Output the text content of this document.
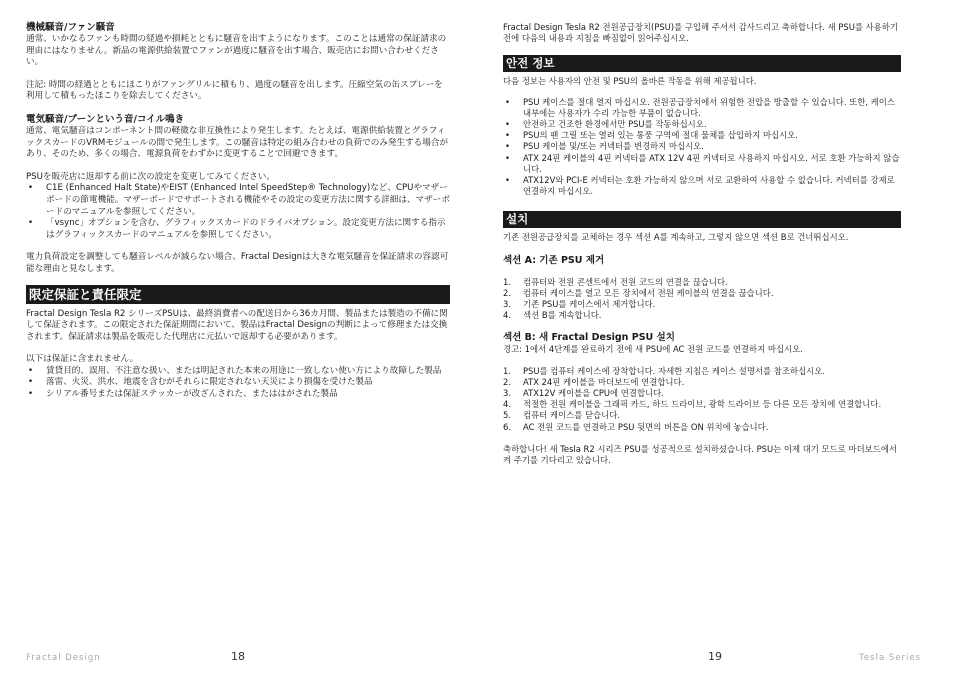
機械騒音/ファン騒音

通常、いかなるファンも時間の経過や損耗とともに騒音を出すようになります。このことは通常の保証請求の理由にはなりません。新品の電源供給装置でファンが過度に騒音を出す場合、販売店にお問い合わせください。

注記: 時間の経過とともにほこりがファングリルに積もり、過度の騒音を出します。圧縮空気の缶スプレーを利用して積もったほこりを除去してください。

電気騒音/ブーンという音/コイル鳴き

通常、電気騒音はコンポーネント間の軽微な非互換性により発生します。たとえば、電源供給装置とグラフィックスカードのVRMモジュールの間で発生します。この騒音は特定の組み合わせの負荷でのみ発生する場合があり、そのため、多くの場合、電源負荷をわずかに変更することで回避できます。

PSUを販売店に返却する前に次の設定を変更してみてください。

• C1E (Enhanced Halt State)やEIST (Enhanced Intel SpeedStep® Technology)など、CPUやマザーボードの節電機能。マザーボードでサポートされる機能やその設定の変更方法に関する詳細は、マザーボードのマニュアルを参照してください。
• 「vsync」オプションを含む、グラフィックスカードのドライバオプション。設定変更方法に関する指示はグラフィックスカードのマニュアルを参照してください。

電力負荷設定を調整しても騒音レベルが減らない場合、Fractal Designは大きな電気騒音を保証請求の容認可能な理由と見なします。

限定保証と責任限定

Fractal Design Tesla R2 シリーズPSUは、最終消費者への配送日から36カ月間、製品または製造の不備に関して保証されます。この限定された保証期間において、製品はFractal Designの判断によって修理または交換されます。保証請求は製品を販売した代理店に元払いで返却する必要があります。

以下は保証に含まれません。

• 賃貸目的、誤用、不注意な扱い、または明記された本来の用途に一致しない使い方により故障した製品
• 落雷、火災、洪水、地震を含むがそれらに限定されない天災により損傷を受けた製品
• シリアル番号または保証ステッカーが改ざんされた、またははがされた製品
Fractal Design	18

Fractal Design Tesla R2 전원공급장치(PSU)를 구입해 주셔서 감사드리고 축하합니다. 새 PSU를 사용하기 전에 다음의 내용과 지침을 빠짐없이 읽어주십시오.

안전 정보

다음 정보는 사용자의 안전 및 PSU의 올바른 작동을 위해 제공됩니다.

• PSU 케이스를 절대 열지 마십시오. 전원공급장치에서 위험한 전압을 방출할 수 있습니다. 또한, 케이스 내부에는 사용자가 수리 가능한 부품이 없습니다.
• 안전하고 건조한 환경에서만 PSU를 작동하십시오.
• PSU의 팬 그릴 또는 열려 있는 통풍 구역에 절대 물체를 삽입하지 마십시오.
• PSU 케이블 및/또는 커넥터를 변경하지 마십시오.
• ATX 24핀 케이블의 4핀 커넥터를 ATX 12V 4핀 커넥터로 사용하지 마십시오. 서로 호환 가능하지 않습니다.
• ATX12V와 PCI-E 커넥터는 호환 가능하지 않으며 서로 교환하여 사용할 수 없습니다. 커넥터를 강제로 연결하지 마십시오.
설치

기존 전원공급장치를 교체하는 경우 섹션 A를 계속하고, 그렇지 않으면 섹션 B로 건너뛰십시오.

섹션 A: 기존 PSU 제거
1. 컴퓨터와 전원 콘센트에서 전원 코드의 연결을 끊습니다.
2. 컴퓨터 케이스를 열고 모든 장치에서 전원 케이블의 연결을 끊습니다.
3. 기존 PSU를 케이스에서 제거합니다.
4. 섹션 B를 계속합니다.
섹션 B: 새 Fractal Design PSU 설치

경고: 1에서 4단계를 완료하기 전에 새 PSU에 AC 전원 코드를 연결하지 마십시오.

1. PSU를 컴퓨터 케이스에 장착합니다. 자세한 지침은 케이스 설명서를 참조하십시오.
2. ATX 24핀 케이블을 마더보드에 연결합니다.
3. ATX12V 케이블을 CPU에 연결합니다.
4. 적절한 전원 케이블을 그래픽 카드, 하드 드라이브, 광학 드라이브 등 다른 모든 장치에 연결합니다.
5. 컴퓨터 케이스를 닫습니다.
6. AC 전원 코드를 연결하고 PSU 뒷면의 버튼을 ON 위치에 놓습니다.

축하합니다! 새 Tesla R2 시리즈 PSU를 성공적으로 설치하셨습니다. PSU는 이제 대기 모드로 마더보드에서 켜 주기를 기다리고 있습니다.

19	Tesla Series
